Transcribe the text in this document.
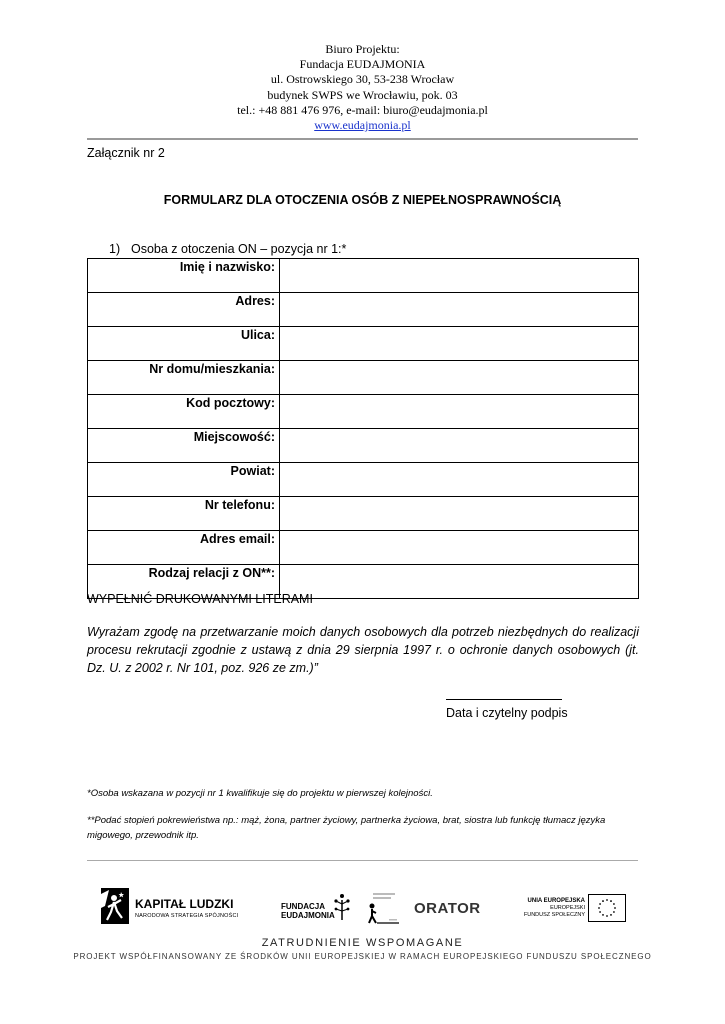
Biuro Projektu:
Fundacja EUDAJMONIA
ul. Ostrowskiego 30, 53-238 Wrocław
budynek SWPS we Wrocławiu, pok. 03
tel.: +48 881 476 976, e-mail: biuro@eudajmonia.pl
www.eudajmonia.pl
Załącznik nr 2
FORMULARZ DLA OTOCZENIA OSÓB Z NIEPEŁNOSPRAWNOŚCIĄ
1) Osoba z otoczenia ON – pozycja nr 1:*
Imię i nazwisko:	
Adres:	
Ulica:	
Nr domu/mieszkania:	
Kod pocztowy:	
Miejscowość:	
Powiat:	
Nr telefonu:	
Adres email:	
Rodzaj relacji z ON**:	
WYPEŁNIĆ DRUKOWANYMI LITERAMI
Wyrażam zgodę na przetwarzanie moich danych osobowych dla potrzeb niezbędnych do realizacji procesu rekrutacji zgodnie z ustawą z dnia 29 sierpnia 1997 r. o ochronie danych osobowych (jt. Dz. U. z 2002 r. Nr 101, poz. 926 ze zm.)”
Data i czytelny podpis
*Osoba wskazana w pozycji nr 1 kwalifikuje się do projektu w pierwszej kolejności.
**Podać stopień pokrewieństwa np.: mąż, żona, partner życiowy, partnerka życiowa, brat, siostra lub funkcję tłumacz języka migowego, przewodnik itp.
KAPITAŁ LUDZKI
NARODOWA STRATEGIA SPÓJNOŚCI
FUNDACJA
EUDAJMONIA	ORATOR	UNIA EUROPEJSKA
EUROPEJSKI
FUNDUSZ SPOŁECZNY
ZATRUDNIENIE WSPOMAGANE
PROJEKT WSPÓŁFINANSOWANY ZE ŚRODKÓW UNII EUROPEJSKIEJ W RAMACH EUROPEJSKIEGO FUNDUSZU SPOŁECZNEGO
